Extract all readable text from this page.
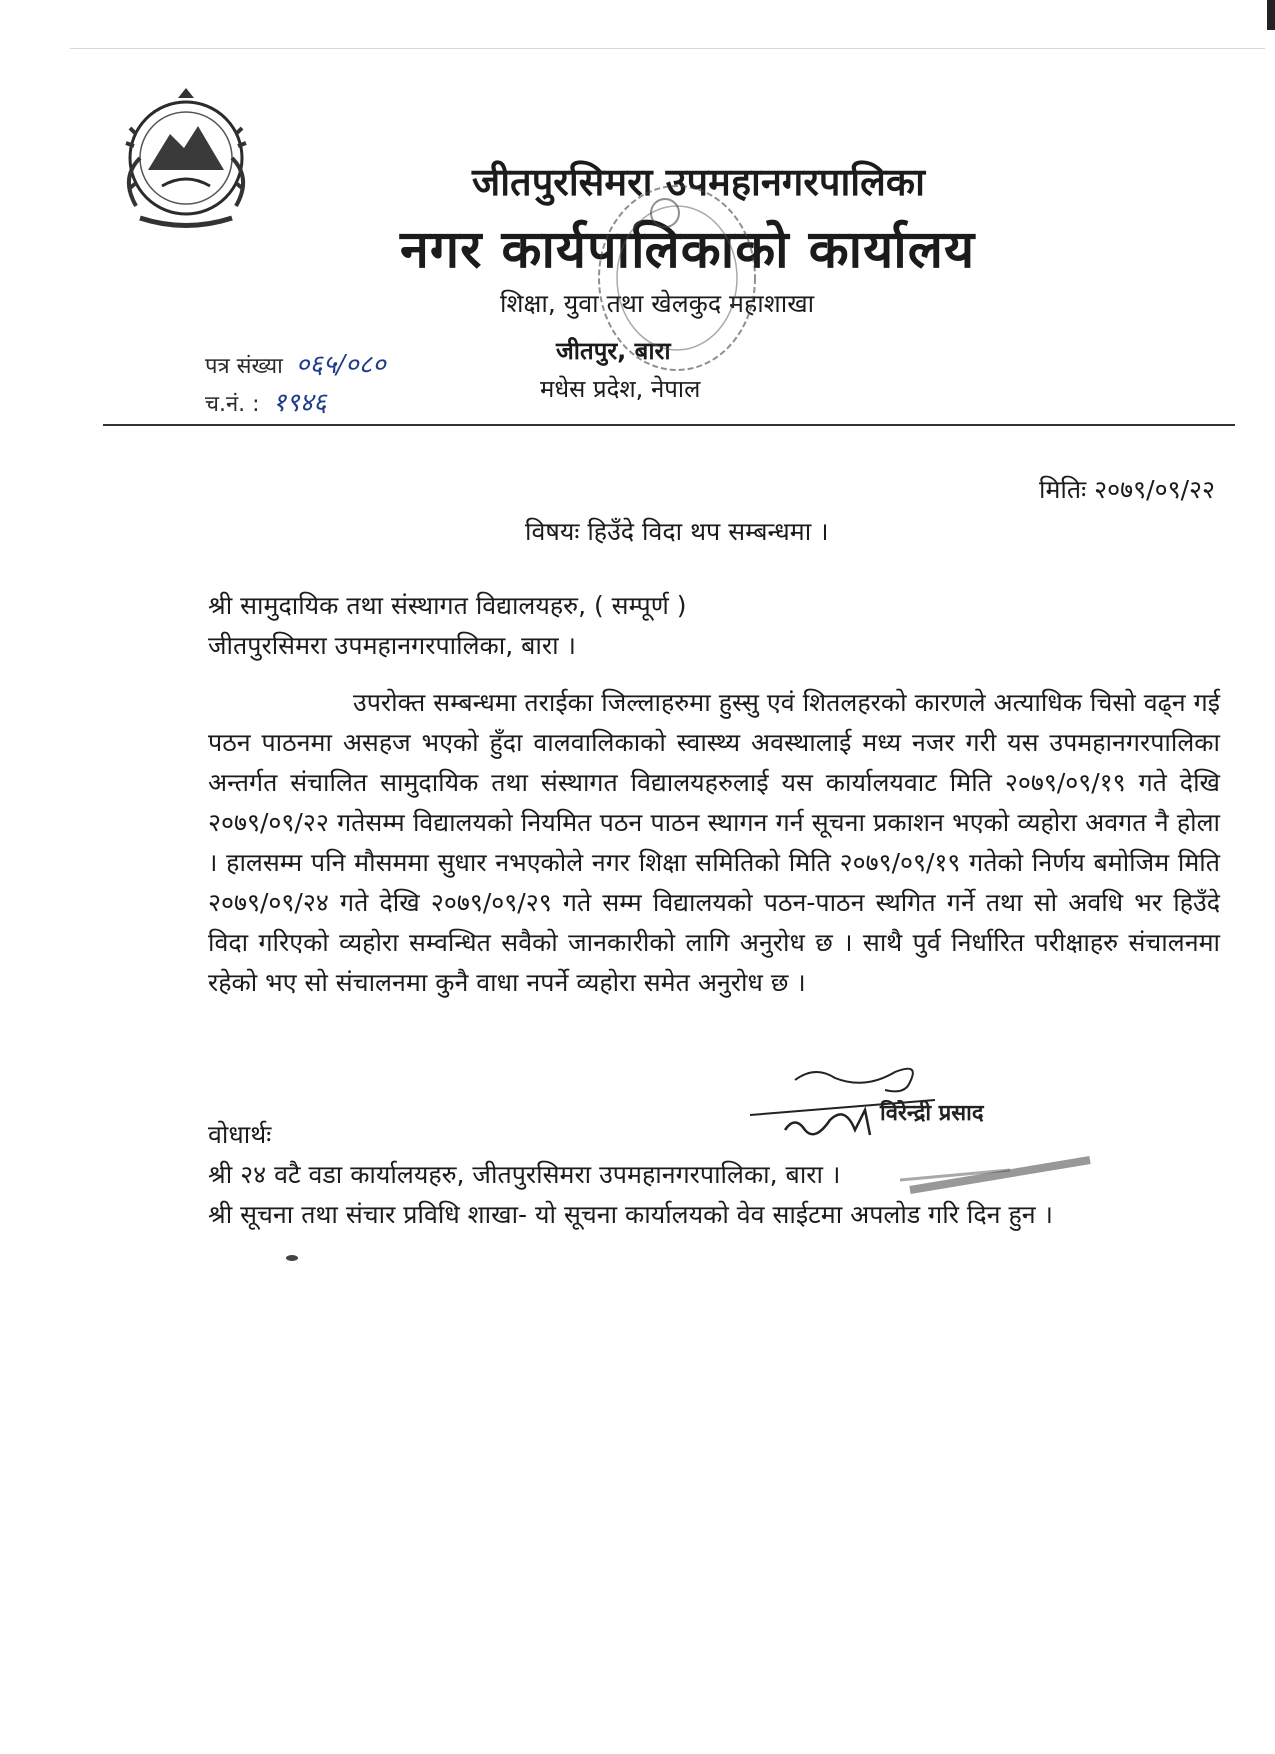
जीतपुरसिमरा उपमहानगरपालिका
नगर कार्यपालिकाको कार्यालय
शिक्षा, युवा तथा खेलकुद महाशाखा
जीतपुर, बारा
मधेस प्रदेश, नेपाल
पत्र संख्या ०६५/०८०
च.नं. : १९४६
मितिः २०७९/०९/२२
विषयः हिउँदे विदा थप सम्बन्धमा ।
श्री सामुदायिक तथा संस्थागत विद्यालयहरु, ( सम्पूर्ण )
जीतपुरसिमरा उपमहानगरपालिका, बारा ।

उपरोक्त सम्बन्धमा तराईका जिल्लाहरुमा हुस्सु एवं शितलहरको कारणले अत्याधिक चिसो वढ्न गई पठन पाठनमा असहज भएको हुँदा वालवालिकाको स्वास्थ्य अवस्थालाई मध्य नजर गरी यस उपमहानगरपालिका अन्तर्गत संचालित सामुदायिक तथा संस्थागत विद्यालयहरुलाई यस कार्यालयवाट मिति २०७९/०९/१९ गते देखि २०७९/०९/२२ गतेसम्म विद्यालयको नियमित पठन पाठन स्थागन गर्न सूचना प्रकाशन भएको व्यहोरा अवगत नै होला । हालसम्म पनि मौसममा सुधार नभएकोले नगर शिक्षा समितिको मिति २०७९/०९/१९ गतेको निर्णय बमोजिम मिति २०७९/०९/२४ गते देखि २०७९/०९/२९ गते सम्म विद्यालयको पठन-पाठन स्थगित गर्ने तथा सो अवधि भर हिउँदे विदा गरिएको व्यहोरा सम्वन्धित सवैको जानकारीको लागि अनुरोध छ । साथै पुर्व निर्धारित परीक्षाहरु संचालनमा रहेको भए सो संचालनमा कुनै वाधा नपर्ने व्यहोरा समेत अनुरोध छ ।

विरेन्द्री प्रसाद
वोधार्थः
श्री २४ वटै वडा कार्यालयहरु, जीतपुरसिमरा उपमहानगरपालिका, बारा ।
श्री सूचना तथा संचार प्रविधि शाखा- यो सूचना कार्यालयको वेव साईटमा अपलोड गरि दिन हुन ।
